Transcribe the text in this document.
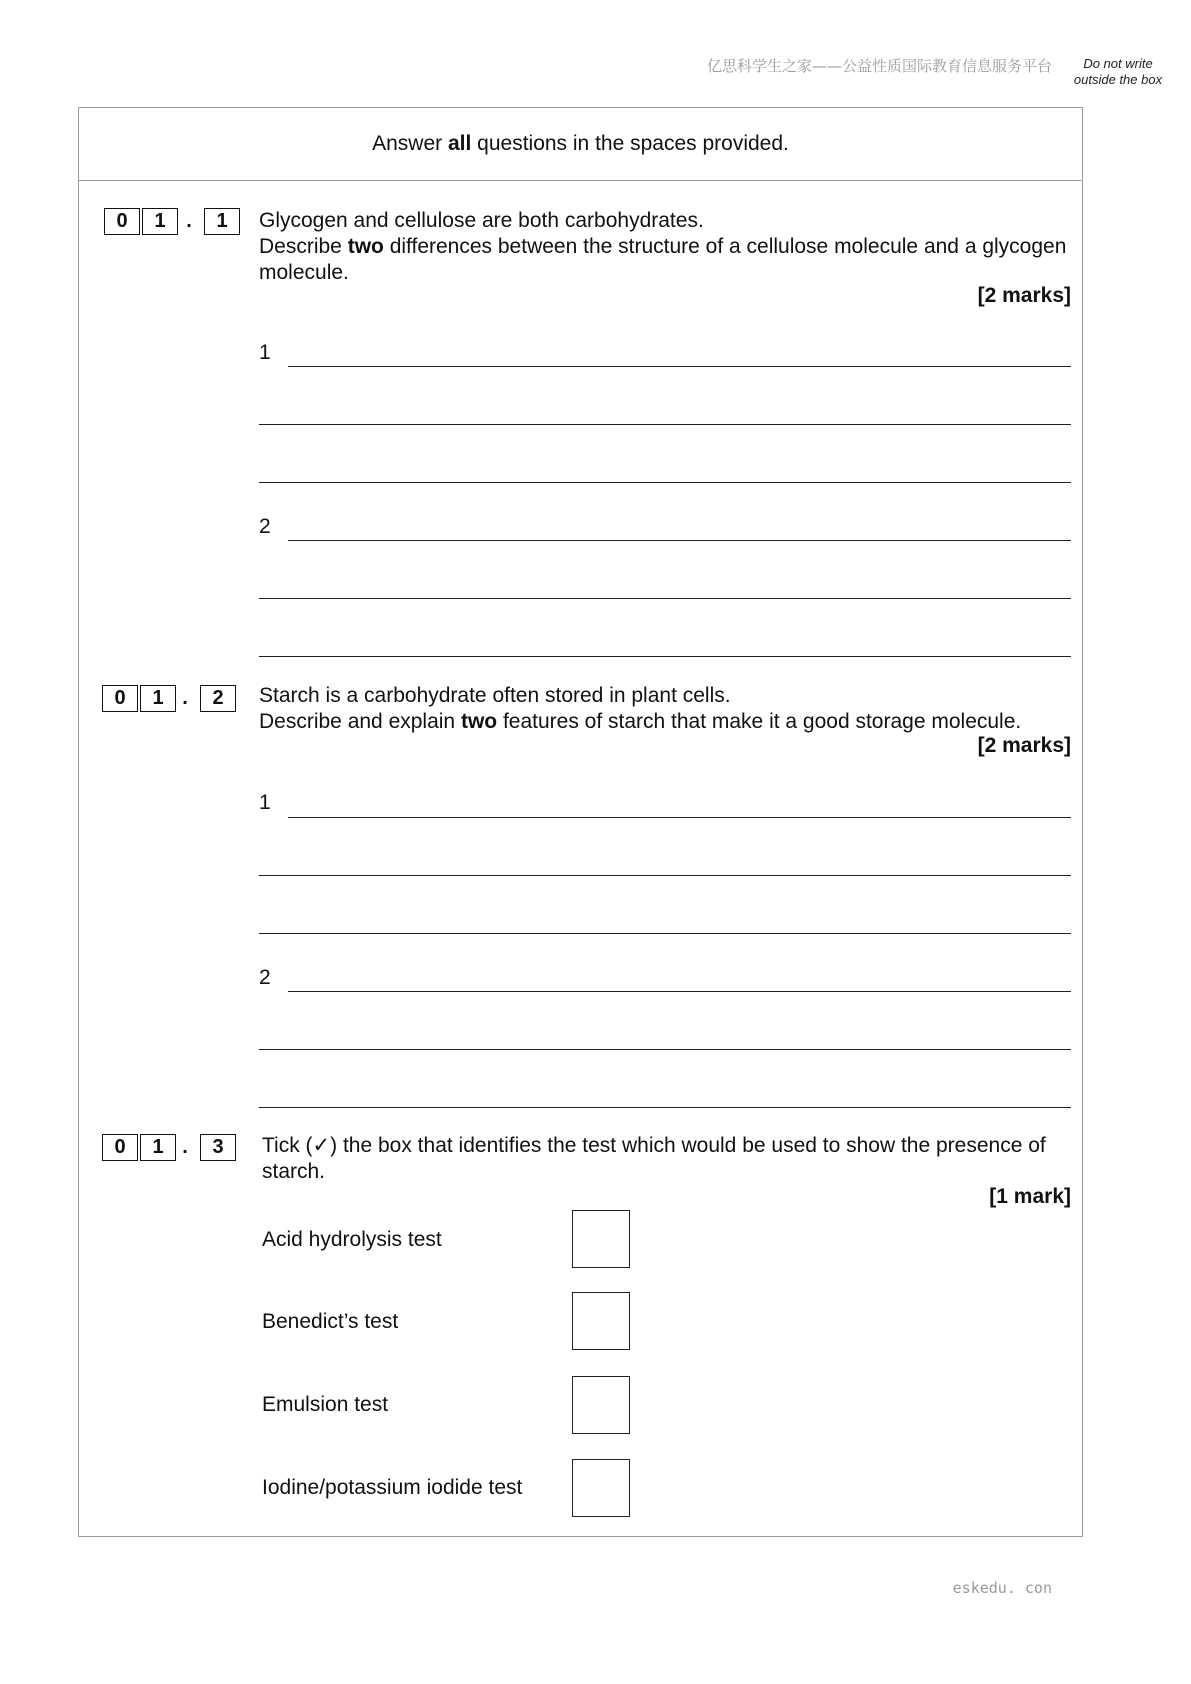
亿思科学生之家——公益性质国际教育信息服务平台	Do not write outside the box
Answer all questions in the spaces provided.
0	1	.	1	Glycogen and cellulose are both carbohydrates.
Describe two differences between the structure of a cellulose molecule and a glycogen molecule.
[2 marks]
1
2
0	1 .	2	Starch is a carbohydrate often stored in plant cells.
Describe and explain two features of starch that make it a good storage molecule.
[2 marks]
1
2
0	1 .	3	Tick (✓) the box that identifies the test which would be used to show the presence of starch.
[1 mark]
Acid hydrolysis test
Benedict’s test
Emulsion test
Iodine/potassium iodide test
eskedu. con
